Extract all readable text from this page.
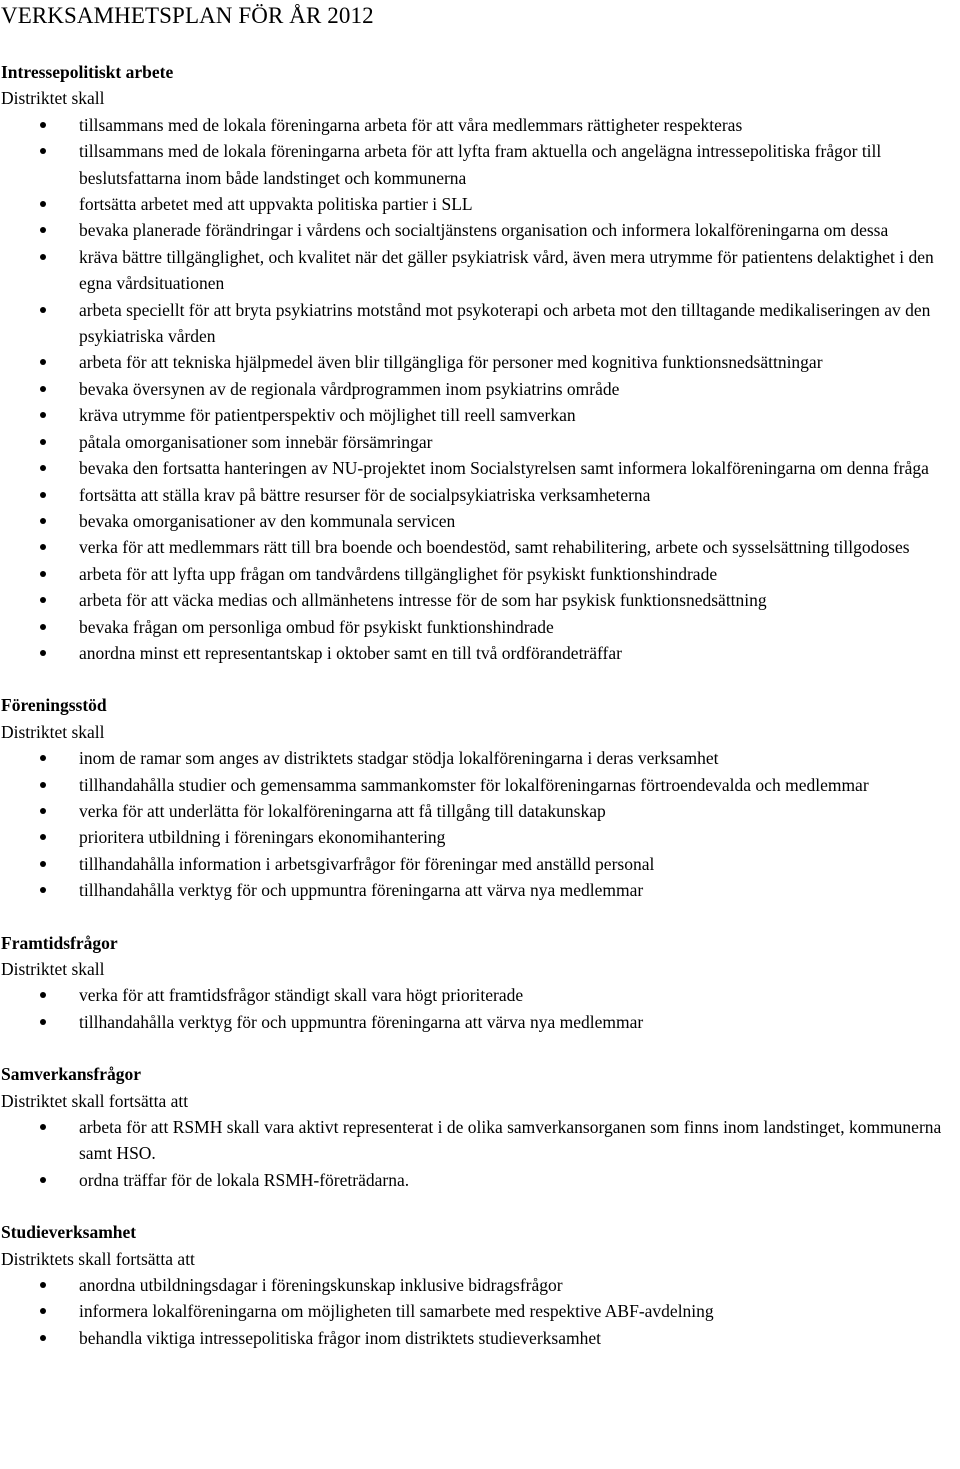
VERKSAMHETSPLAN FÖR ÅR 2012
Intressepolitiskt arbete

Distriktet skall

tillsammans med de lokala föreningarna arbeta för att våra medlemmars rättigheter respekteras
tillsammans med de lokala föreningarna arbeta för att lyfta fram aktuella och angelägna intressepolitiska frågor till beslutsfattarna inom både landstinget och kommunerna
fortsätta arbetet med att uppvakta politiska partier i SLL
bevaka planerade förändringar i vårdens och socialtjänstens organisation och informera lokalföreningarna om dessa
kräva bättre tillgänglighet, och kvalitet när det gäller psykiatrisk vård, även mera utrymme för patientens delaktighet i den egna vårdsituationen
arbeta speciellt för att bryta psykiatrins motstånd mot psykoterapi och arbeta mot den tilltagande medikaliseringen av den psykiatriska vården
arbeta för att tekniska hjälpmedel även blir tillgängliga för personer med kognitiva funktionsnedsättningar
bevaka översynen av de regionala vårdprogrammen inom psykiatrins område
kräva utrymme för patientperspektiv och möjlighet till reell samverkan
påtala omorganisationer som innebär försämringar
bevaka den fortsatta hanteringen av NU-projektet inom Socialstyrelsen samt informera lokalföreningarna om denna fråga
fortsätta att ställa krav på bättre resurser för de socialpsykiatriska verksamheterna
bevaka omorganisationer av den kommunala servicen
verka för att medlemmars rätt till bra boende och boendestöd, samt rehabilitering, arbete och sysselsättning tillgodoses
arbeta för att lyfta upp frågan om tandvårdens tillgänglighet för psykiskt funktionshindrade
arbeta för att väcka medias och allmänhetens intresse för de som har psykisk funktionsnedsättning
bevaka frågan om personliga ombud för psykiskt funktionshindrade
anordna minst ett representantskap i oktober samt en till två ordförandeträffar
Föreningsstöd

Distriktet skall

inom de ramar som anges av distriktets stadgar stödja lokalföreningarna i deras verksamhet
tillhandahålla studier och gemensamma sammankomster för lokalföreningarnas förtroendevalda och medlemmar
verka för att underlätta för lokalföreningarna att få tillgång till datakunskap
prioritera utbildning i föreningars ekonomihantering
tillhandahålla information i arbetsgivarfrågor för föreningar med anställd personal
tillhandahålla verktyg för och uppmuntra föreningarna att värva nya medlemmar
Framtidsfrågor

Distriktet skall

verka för att framtidsfrågor ständigt skall vara högt prioriterade
tillhandahålla verktyg för och uppmuntra föreningarna att värva nya medlemmar
Samverkansfrågor

Distriktet skall fortsätta att

arbeta för att RSMH skall vara aktivt representerat i de olika samverkansorganen som finns inom landstinget, kommunerna samt HSO.
ordna träffar för de lokala RSMH-företrädarna.
Studieverksamhet

Distriktets skall fortsätta att

anordna utbildningsdagar i föreningskunskap inklusive bidragsfrågor
informera lokalföreningarna om möjligheten till samarbete med respektive ABF-avdelning
behandla viktiga intressepolitiska frågor inom distriktets studieverksamhet
